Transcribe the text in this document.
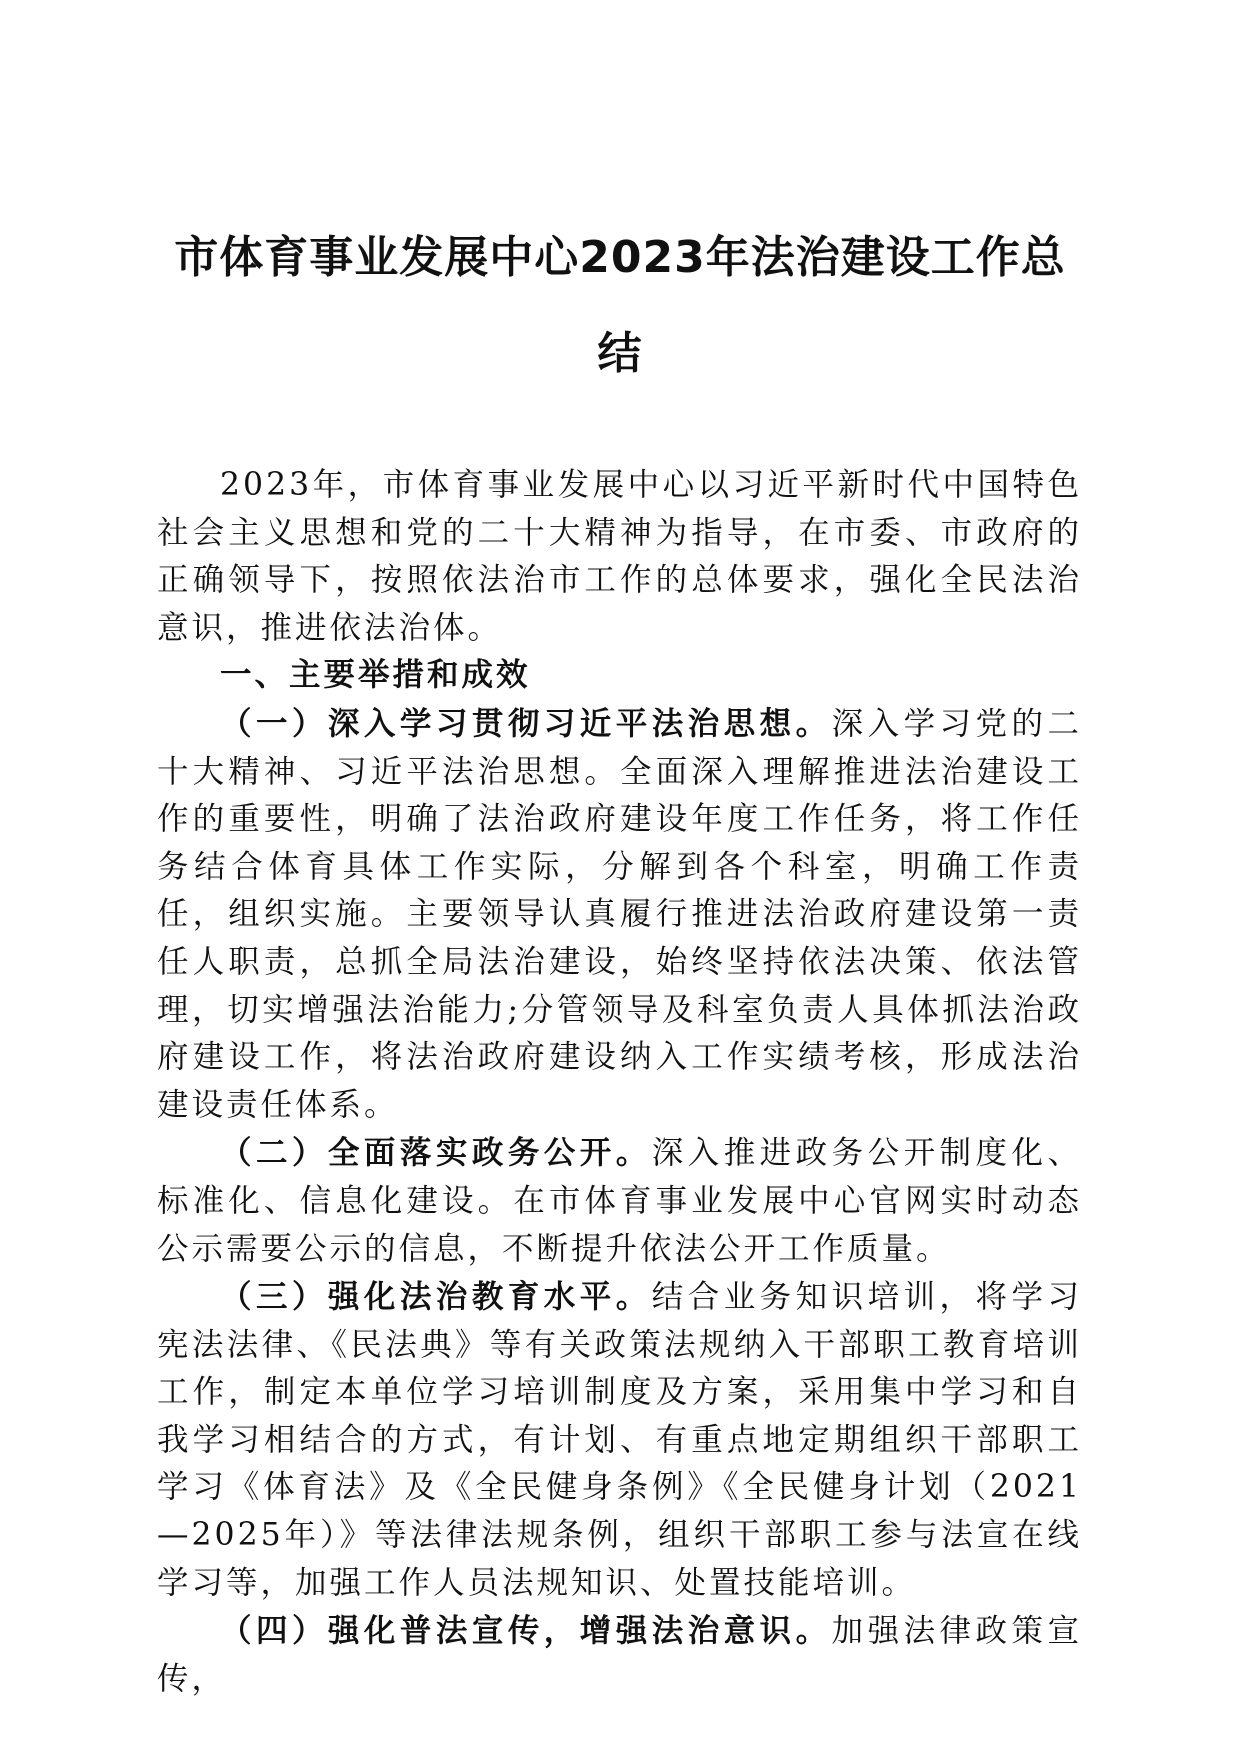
市体育事业发展中心2023年法治建设工作总
结

2023年，市体育事业发展中心以习近平新时代中国特色社会主义思想和党的二十大精神为指导，在市委、市政府的正确领导下，按照依法治市工作的总体要求，强化全民法治意识，推进依法治体。

一、主要举措和成效

（一）深入学习贯彻习近平法治思想。深入学习党的二十大精神、习近平法治思想。全面深入理解推进法治建设工作的重要性，明确了法治政府建设年度工作任务，将工作任务结合体育具体工作实际，分解到各个科室，明确工作责任，组织实施。主要领导认真履行推进法治政府建设第一责任人职责，总抓全局法治建设，始终坚持依法决策、依法管理，切实增强法治能力;分管领导及科室负责人具体抓法治政府建设工作，将法治政府建设纳入工作实绩考核，形成法治建设责任体系。

（二）全面落实政务公开。深入推进政务公开制度化、标准化、信息化建设。在市体育事业发展中心官网实时动态公示需要公示的信息，不断提升依法公开工作质量。

（三）强化法治教育水平。结合业务知识培训，将学习宪法法律、《民法典》等有关政策法规纳入干部职工教育培训工作，制定本单位学习培训制度及方案，采用集中学习和自我学习相结合的方式，有计划、有重点地定期组织干部职工学习《体育法》及《全民健身条例》《全民健身计划（2021—2025年）》等法律法规条例，组织干部职工参与法宣在线学习等，加强工作人员法规知识、处置技能培训。

（四）强化普法宣传，增强法治意识。加强法律政策宣传，
